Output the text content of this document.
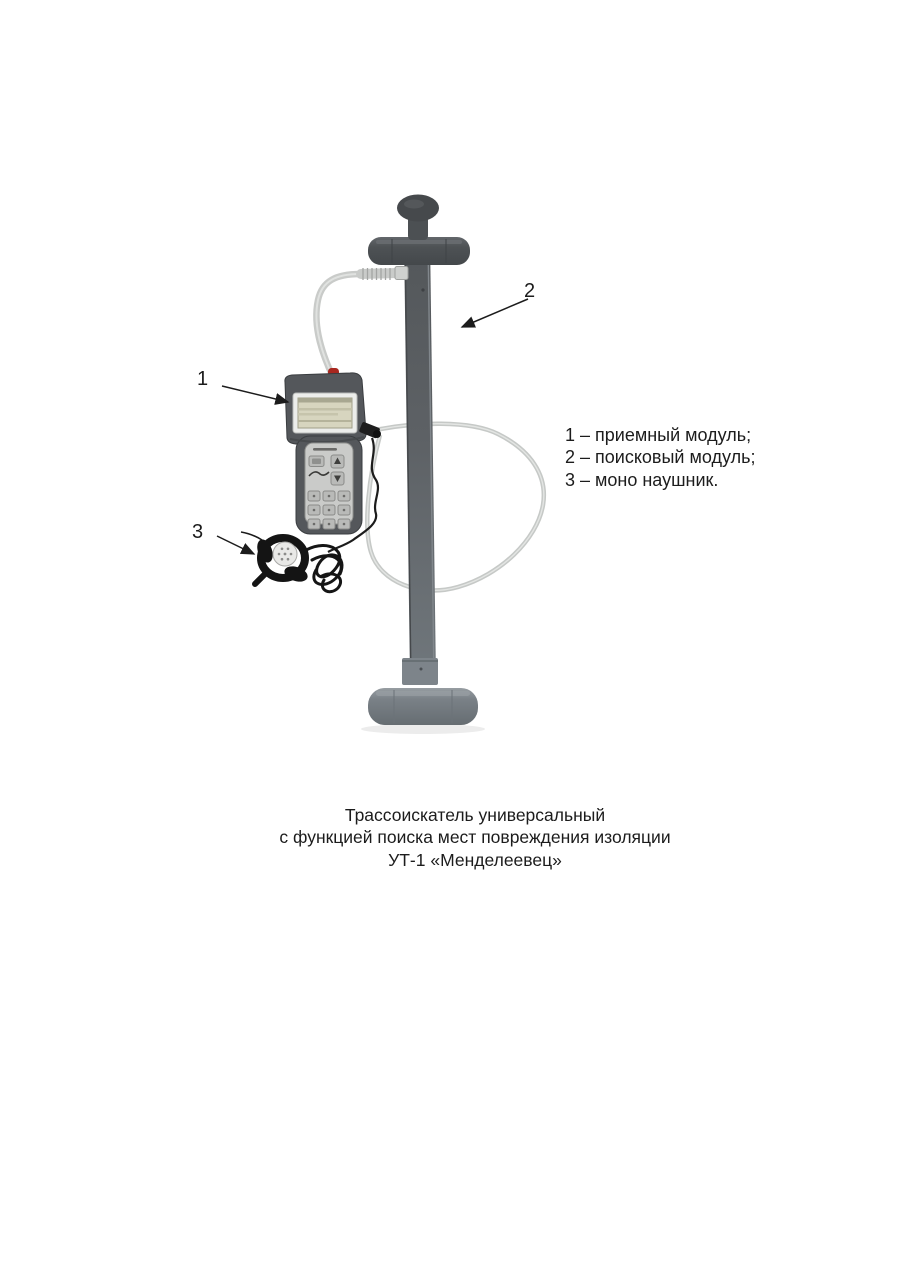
1
2
3
1 – приемный модуль;
2 – поисковый модуль;
3 – моно наушник.
Трассоискатель универсальный
с функцией поиска мест повреждения изоляции
УТ-1 «Менделеевец»
